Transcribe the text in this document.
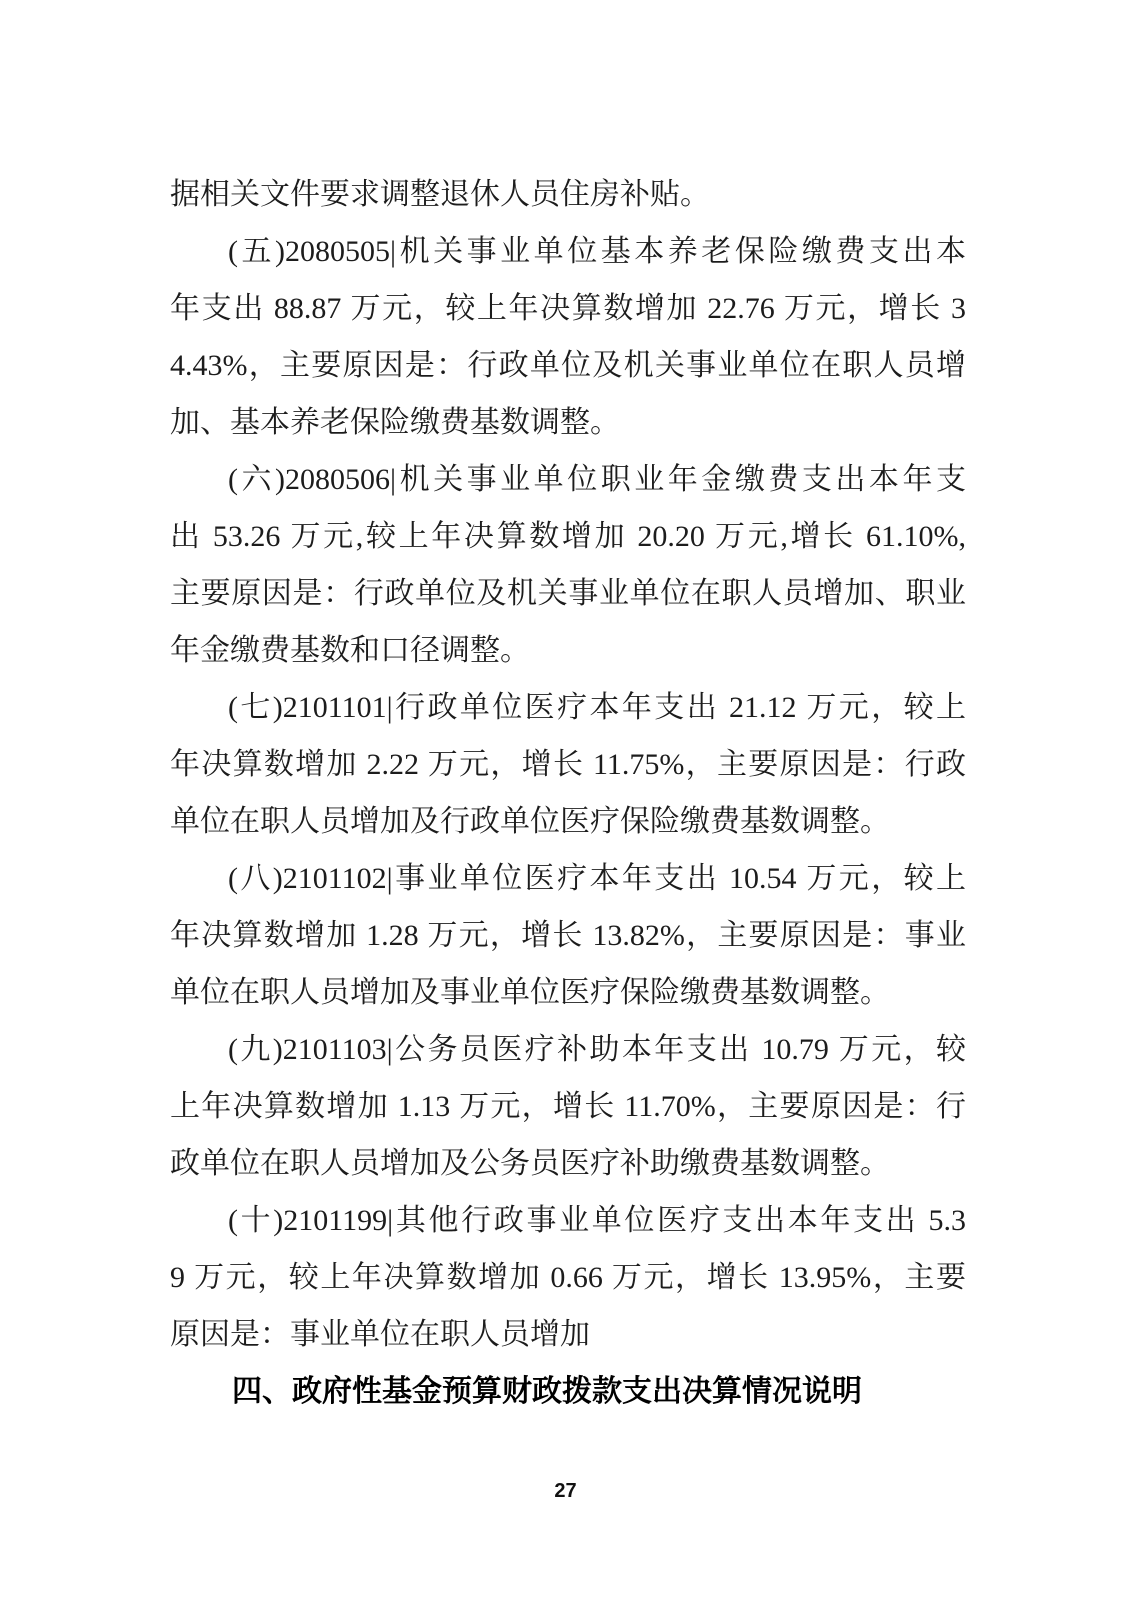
据相关文件要求调整退休人员住房补贴。
(五)2080505|机关事业单位基本养老保险缴费支出本
年支出 88.87 万元，较上年决算数增加 22.76 万元，增长 3
4.43%，主要原因是：行政单位及机关事业单位在职人员增
加、基本养老保险缴费基数调整。
(六)2080506|机关事业单位职业年金缴费支出本年支
出 53.26 万元,较上年决算数增加 20.20 万元,增长 61.10%,
主要原因是：行政单位及机关事业单位在职人员增加、职业
年金缴费基数和口径调整。
(七)2101101|行政单位医疗本年支出 21.12 万元，较上
年决算数增加 2.22 万元，增长 11.75%，主要原因是：行政
单位在职人员增加及行政单位医疗保险缴费基数调整。
(八)2101102|事业单位医疗本年支出 10.54 万元，较上
年决算数增加 1.28 万元，增长 13.82%，主要原因是：事业
单位在职人员增加及事业单位医疗保险缴费基数调整。
(九)2101103|公务员医疗补助本年支出 10.79 万元，较
上年决算数增加 1.13 万元，增长 11.70%，主要原因是：行
政单位在职人员增加及公务员医疗补助缴费基数调整。
(十)2101199|其他行政事业单位医疗支出本年支出 5.3
9 万元，较上年决算数增加 0.66 万元，增长 13.95%，主要
原因是：事业单位在职人员增加
四、政府性基金预算财政拨款支出决算情况说明
27
